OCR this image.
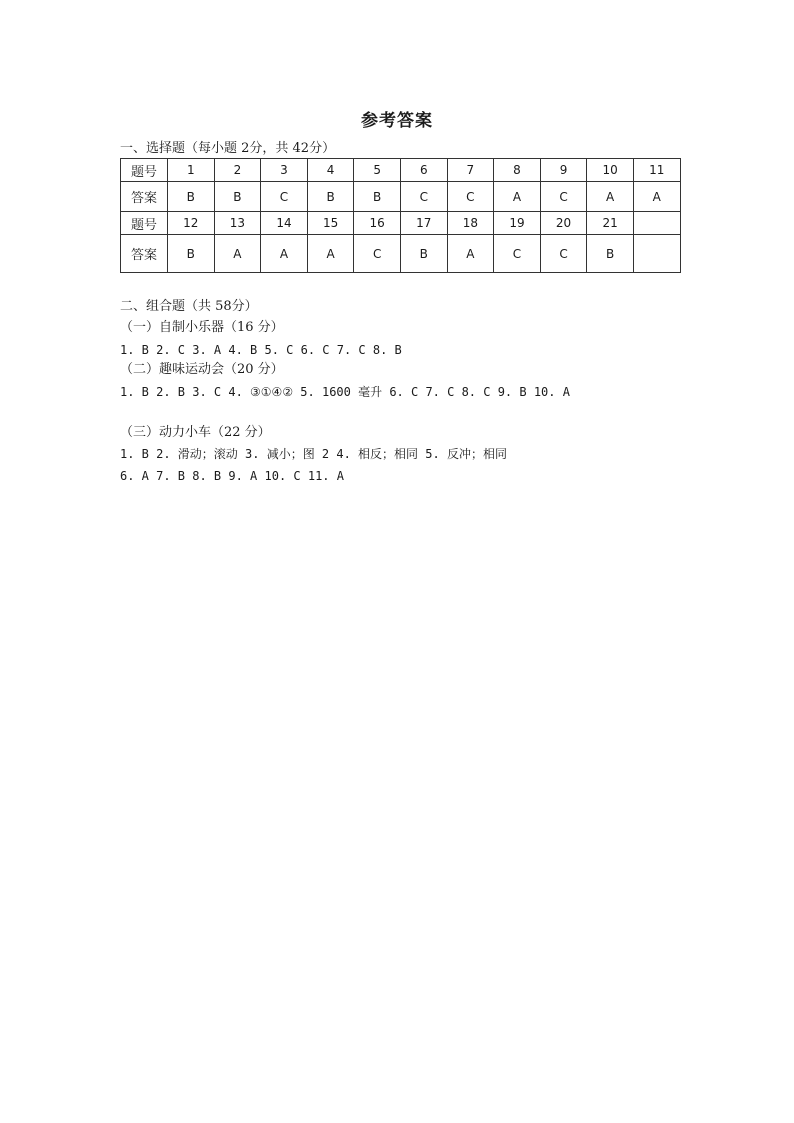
参考答案
一、选择题（每小题 2分，共 42分）
题号	1	2	3	4	5	6	7	8	9	10	11
答案	B	B	C	B	B	C	C	A	C	A	A
题号	12	13	14	15	16	17	18	19	20	21	
答案	B	A	A	A	C	B	A	C	C	B	
二、组合题（共 58分）
（一）自制小乐器（16 分）
1. B 2. C 3. A 4. B 5. C 6. C 7. C 8. B
（二）趣味运动会（20 分）
1. B 2. B 3. C 4. ③①④② 5. 1600 毫升 6. C 7. C 8. C 9. B 10. A
（三）动力小车（22 分）
1. B 2. 滑动；滚动 3. 减小；图 2 4. 相反；相同 5. 反冲；相同
6. A 7. B 8. B 9. A 10. C 11. A
